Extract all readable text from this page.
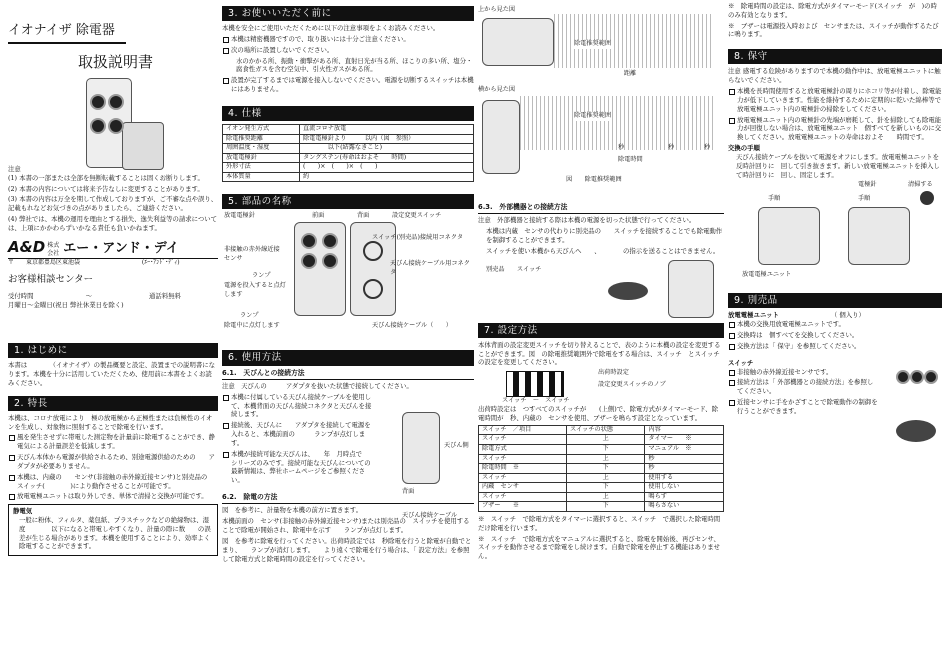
イオナイザ 除電器
取扱説明書
注意

(1) 本書の一部または全部を無断転載することは固くお断りします。

(2) 本書の内容については将来予告なしに変更することがあります。

(3) 本書の内容は万全を期して作成しておりますが、ご不審な点や誤り、記載もれなどお気づきの点がありましたら、ご連絡ください。

(4) 弊社では、本機の運用を理由とする損失、逸失利益等の請求については、上項にかかわらずいかなる責任も負いかねます。

A&D 株式会社 エー・アンド・デイ
〒 東京都豊島区東池袋	(ｴｰ･ｱﾝﾄﾞ･ﾃﾞｨ)
お客様相談センター
受付時間	〜	通話料無料
月曜日〜金曜日(祝日 弊社休業日を除く)
1. はじめに

本書は　　　　（イオナイザ）の製品概要と設定、設置までの説明書になります。本機を十分に活用していただくため、使用前に本書をよくお読みください。

2. 特長

本機は、コロナ放電により　極の放電極から正極性または負極性のイオンを生成し、対象物に照射することで除電を行います。

風を発生させずに帯電した測定物を計量前に除電することができ、静電気による計量誤差を低減します。
天びん本体から電源が供給されるため、別途電源供給のための　　アダプタが必要ありません。
本機は、内蔵の　　センサ(非接触の赤外線近接センサ)と別売品の　　スイッチ(　　　　)により動作させることが可能です。
放電電極ユニットは取り外しでき、単体で清掃と交換が可能です。
静電気

一般に粉体、フィルタ、薬包紙、プラスチックなどの絶縁物は、湿度　　　　以下になると帯電しやすくなり、計量の際に数　　の誤差が生じる場合があります。本機を使用することにより、効率よく除電することができます。

3. お使いいただく前に

本機を安全にご使用いただくために以下の注意事項をよくお読みください。

本機は精密機器ですので、取り扱いには十分ご注意ください。
次の場所に設置しないでください。

水のかかる所、振動・衝撃がある所、直射日光が当る所、ほこりの多い所、塩分・腐食性ガスを含む空気中、引火性ガスがある所。

設置が完了するまでは電源を接入しないでください。電源を切断するスイッチは本機にはありません。
4. 仕様
イオン発生方式	直流コロナ放電
除電推奨距離	除電電極針より　　　以内（図　参照）
周囲温度・湿度	　　　　以下(結露なきこと)
放電電極針	タングステン(寿命はおよそ　　時間)
外形寸法	(　　)×　(　　)×　(　　)
本体質量	約
5. 部品の名称
前面	背面
放電電極針	設定変更スイッチ
非接触の赤外線近接センサ
スイッチ(別売品)接続用コネクタ
天びん接続ケーブル用コネクタ
ランプ
電源を投入すると点灯します
ランプ
除電中に点灯します	天びん接続ケーブル（　　）
6. 使用方法
6.1.　天びんとの接続方法

注意　天びんの　　　アダプタを抜いた状態で接続してください。

本機に付属している天びん接続ケーブルを使用して、本機背面の天びん接続コネクタと天びんを接続します。
接続後、天びんに　　アダプタを接続して電源を入れると、本機前面の　　　ランプが点灯します。
本機が接続可能な天びんは、　　年　月時点で　　シリーズのみです。接続可能な天びんについての最新情報は、弊社ホームページをご参照ください。
天びん側
背面
天びん接続ケーブル
6.2.　除電の方法

図　を参考に、計量物を本機の前方に置きます。

本機前面の　センサ(非接触の赤外線近接センサ)または別売品の　スイッチを使用することで除電が開始され、除電中を示す　　ランプが点灯します。

図　を参考に除電を行ってください。出荷時設定では　秒除電を行うと除電が自動でとまり、　　ランプが消灯します。　　より遠くで除電を行う場合は、「 設定方法」を参照して除電方式と除電時間の設定を行ってください。

上から見た図
除電推奨範囲
距離
横から見た図
除電推奨範囲
秒	秒	秒
除電時間
図　　除電推奨範囲
6.3.　外部機器との接続方法

注意　外部機器と接続する際は本機の電源を切った状態で行ってください。

本機は内蔵　センサの代わりに別売品の　　スイッチを接続することでも除電動作を制御することができます。

スイッチを使い本機から天びんへ　　、　　　　の指示を送ることはできません。

別売品　　スイッチ
7. 設定方法

本体背面の設定変更スイッチを切り替えることで、表のように本機の設定を変更することができます。図　の除電推奨範囲外で除電をする場合は、スイッチ　とスイッチ　の設定を変更してください。

出荷時設定
設定変更スイッチのノブ
スイッチ　〜　スイッチ

出荷時設定は　つすべてのスイッチが　　(上側)で、除電方式がタイマーモード、除電時間が　秒、内蔵の　センサを使用、ブザーを鳴らす設定となっています。

スイッチ　／項目	スイッチの状態	内容
スイッチ	上	タイマー　　※
除電方式	下	マニュアル　※
スイッチ	上	秒
除電時間　※	下	秒
スイッチ	上	使用する
内蔵　センサ	下	使用しない
スイッチ	上	鳴らす
ブザー　　※	下	鳴らさない

※　スイッチ　で除電方式をタイマーに選択すると、スイッチ　で選択した除電時間だけ除電を行います。

※　スイッチ　で除電方式をマニュアルに選択すると、除電を開始後、再びセンサ、　スイッチを動作させるまで除電をし続けます。自動で除電を停止する機能はありません。

※　除電時間の設定は、除電方式がタイマーモード(スイッチ　が　)の時のみ有効となります。

※　ブザーは電源投入時および　センサまたは、スイッチが動作するたびに鳴ります。

8. 保守

注意 感電する危険がありますので本機の動作中は、放電電極ユニットに触らないでください。

本機を長時間使用すると放電電極針の周りにホコリ等が付着し、除電能力が低下していきます。性能を維持するために定期的に乾いた綿棒等で放電電極ユニット内の電極針の掃除をしてください。
放電電極ユニット内の電極針の先端が磨耗して、針を掃除しても除電能力が回復しない場合は、放電電極ユニット　個すべてを新しいものに交換してください。放電電極ユニットの寿命はおよそ　　時間です。
交換の手順

天びん接続ケーブルを抜いて電源をオフにします。放電電極ユニットを反時計回りに　回して引き抜きます。新しい放電電極ユニットを挿入して時計回りに　回し、固定します。

電極針	清掃する
手順	手順
放電電極ユニット
9. 別売品
放電電極ユニット	（ 個入り）
本機の交換用放電電極ユニットです。
交換時は　個すべてを交換してください。
交換方法は「 保守」を参照してください。
スイッチ
非接触の赤外線近接センサです。
接続方法は「 外部機器との接続方法」を参照してください。
近接センサに手をかざすことで除電動作の制御を行うことができます。
